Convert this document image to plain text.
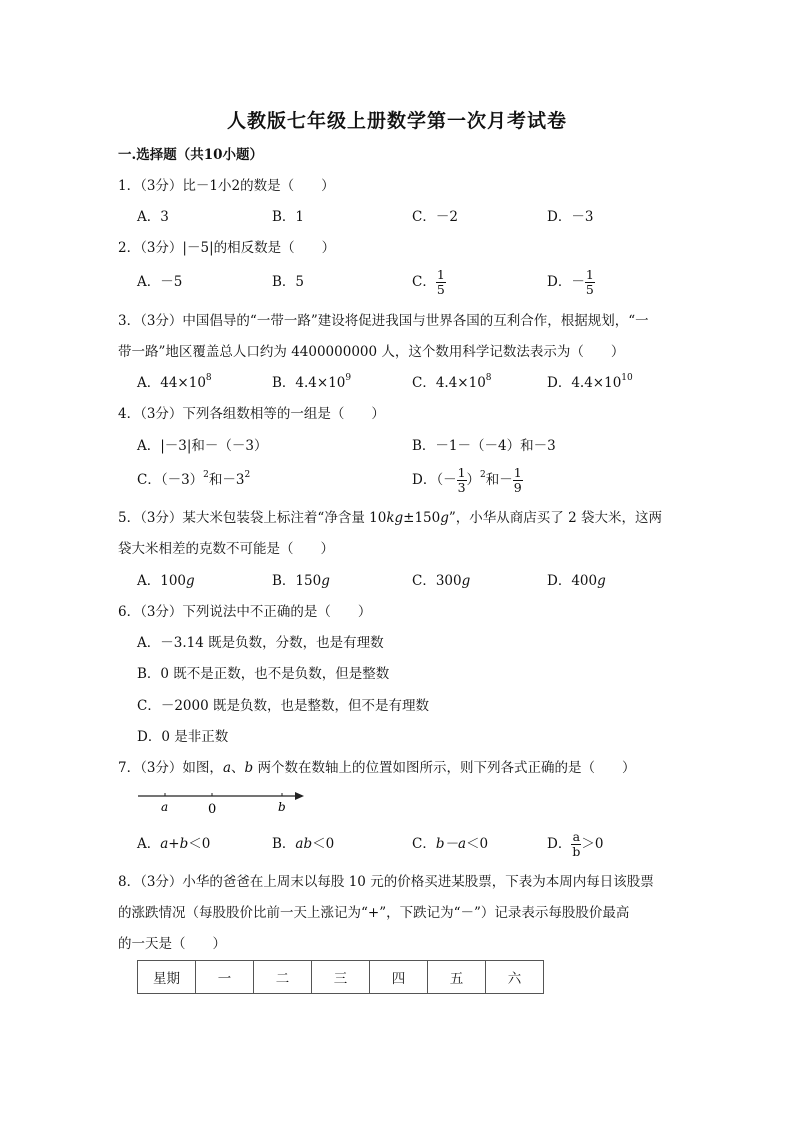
人教版七年级上册数学第一次月考试卷
一.选择题（共10小题）
1．（3分）比－1小2的数是（　　）
A．3	B．1	C．－2	D．－3
2．（3分）|－5|的相反数是（　　）
A．－5	B．5	C． $\frac{1}{5}$	D．－ $\frac{1}{5}$
3．（3分）中国倡导的“一带一路”建设将促进我国与世界各国的互利合作，根据规划，“一
带一路”地区覆盖总人口约为 4400000000 人，这个数用科学记数法表示为（　　）
A．$44\times 10^8$	B．$4.4\times 10^9$	C．$4.4\times 10^8$	D．$4.4\times 10^{10}$
4．（3分）下列各组数相等的一组是（　　）
A．|－3|和－（－3）	B．－1－（－4）和－3
C．$(-3)^2$和$-3^2$	D．（－ $\frac{1}{3} )^2$和－ $\frac{1}{9}$
5．（3分）某大米包装袋上标注着“净含量 10kg±150g”，小华从商店买了 2 袋大米，这两
袋大米相差的克数不可能是（　　）
A．100g	B．150g	C．300g	D．400g
6．（3分）下列说法中不正确的是（　　）
A．－3.14 既是负数，分数，也是有理数
B．0 既不是正数，也不是负数，但是整数
C．－2000 既是负数，也是整数，但不是有理数
D．0 是非正数
7．（3分）如图，a、b 两个数在数轴上的位置如图所示，则下列各式正确的是（　　）
a	0	b
A．a+b＜0	B．ab＜0	C．b－a＜0	D． $\frac{a}{b} >0$
8．（3分）小华的爸爸在上周末以每股 10 元的价格买进某股票，下表为本周内每日该股票
的涨跌情况（每股股价比前一天上涨记为“+”，下跌记为“－”）记录表示每股股价最高
的一天是（　　）
星期	一	二	三	四	五	六
